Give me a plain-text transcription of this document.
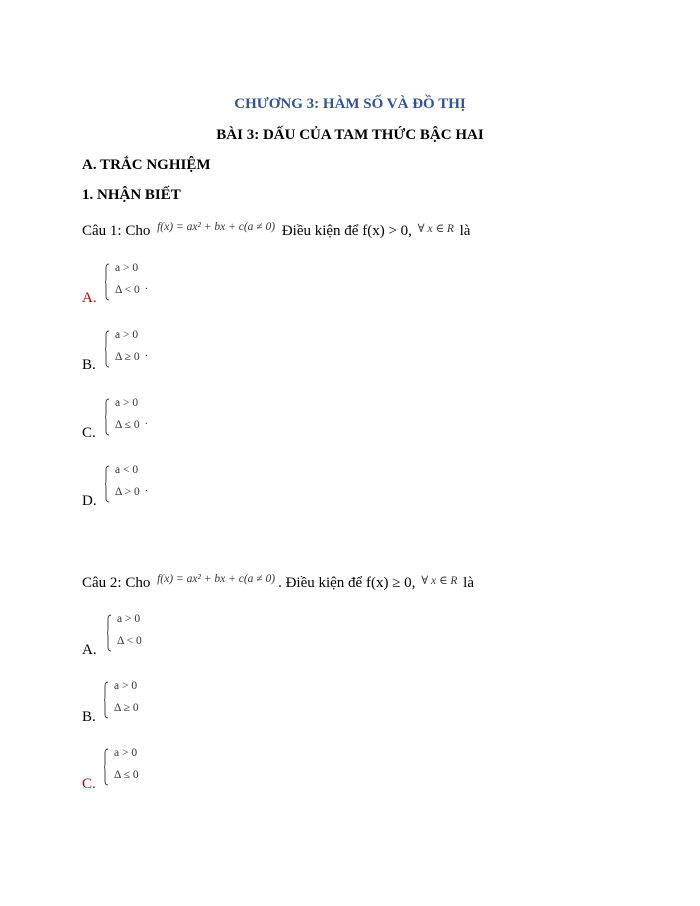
CHƯƠNG 3: HÀM SỐ VÀ ĐỒ THỊ
BÀI 3: DẤU CỦA TAM THỨC BẬC HAI
A. TRẮC NGHIỆM
1. NHẬN BIẾT
Câu 1: Cho $^{f(x) = ax^2 + bx + c(a \ne 0)}$ Điều kiện để f(x) > 0, $^{\forall x \in R}$ là
A.
a > 0
Δ < 0 .
B.
a > 0
Δ ≥ 0 .
C.
a > 0
Δ ≤ 0 .
D.
a < 0
Δ > 0 .
Câu 2: Cho $^{f(x) = ax^2 + bx + c(a \ne 0)}$ . Điều kiện để f(x) ≥ 0, $^{\forall x \in R}$ là
A.
a > 0
Δ < 0
B.
a > 0
Δ ≥ 0
C.
a > 0
Δ ≤ 0
